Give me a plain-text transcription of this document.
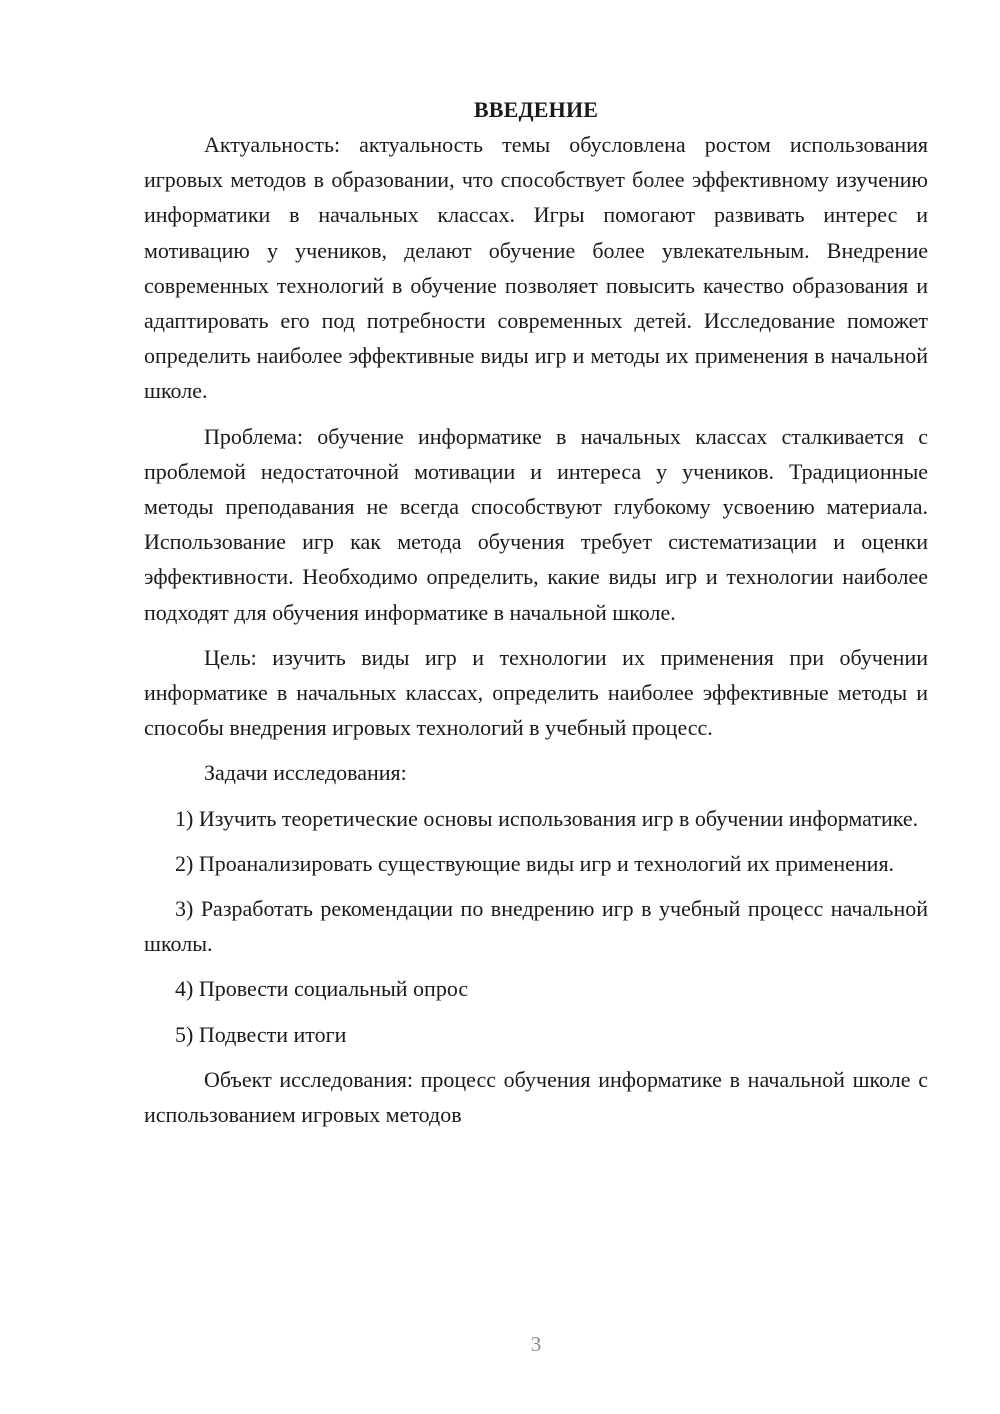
ВВЕДЕНИЕ

Актуальность: актуальность темы обусловлена ростом использования игровых методов в образовании, что способствует более эффективному изучению информатики в начальных классах. Игры помогают развивать интерес и мотивацию у учеников, делают обучение более увлекательным. Внедрение современных технологий в обучение позволяет повысить качество образования и адаптировать его под потребности современных детей. Исследование поможет определить наиболее эффективные виды игр и методы их применения в начальной школе.

Проблема: обучение информатике в начальных классах сталкивается с проблемой недостаточной мотивации и интереса у учеников. Традиционные методы преподавания не всегда способствуют глубокому усвоению материала. Использование игр как метода обучения требует систематизации и оценки эффективности. Необходимо определить, какие виды игр и технологии наиболее подходят для обучения информатике в начальной школе.

Цель: изучить виды игр и технологии их применения при обучении информатике в начальных классах, определить наиболее эффективные методы и способы внедрения игровых технологий в учебный процесс.

Задачи исследования:

1) Изучить теоретические основы использования игр в обучении информатике.

2) Проанализировать существующие виды игр и технологий их применения.

3) Разработать рекомендации по внедрению игр в учебный процесс начальной школы.

4) Провести социальный опрос

5) Подвести итоги

Объект исследования: процесс обучения информатике в начальной школе с использованием игровых методов

3
